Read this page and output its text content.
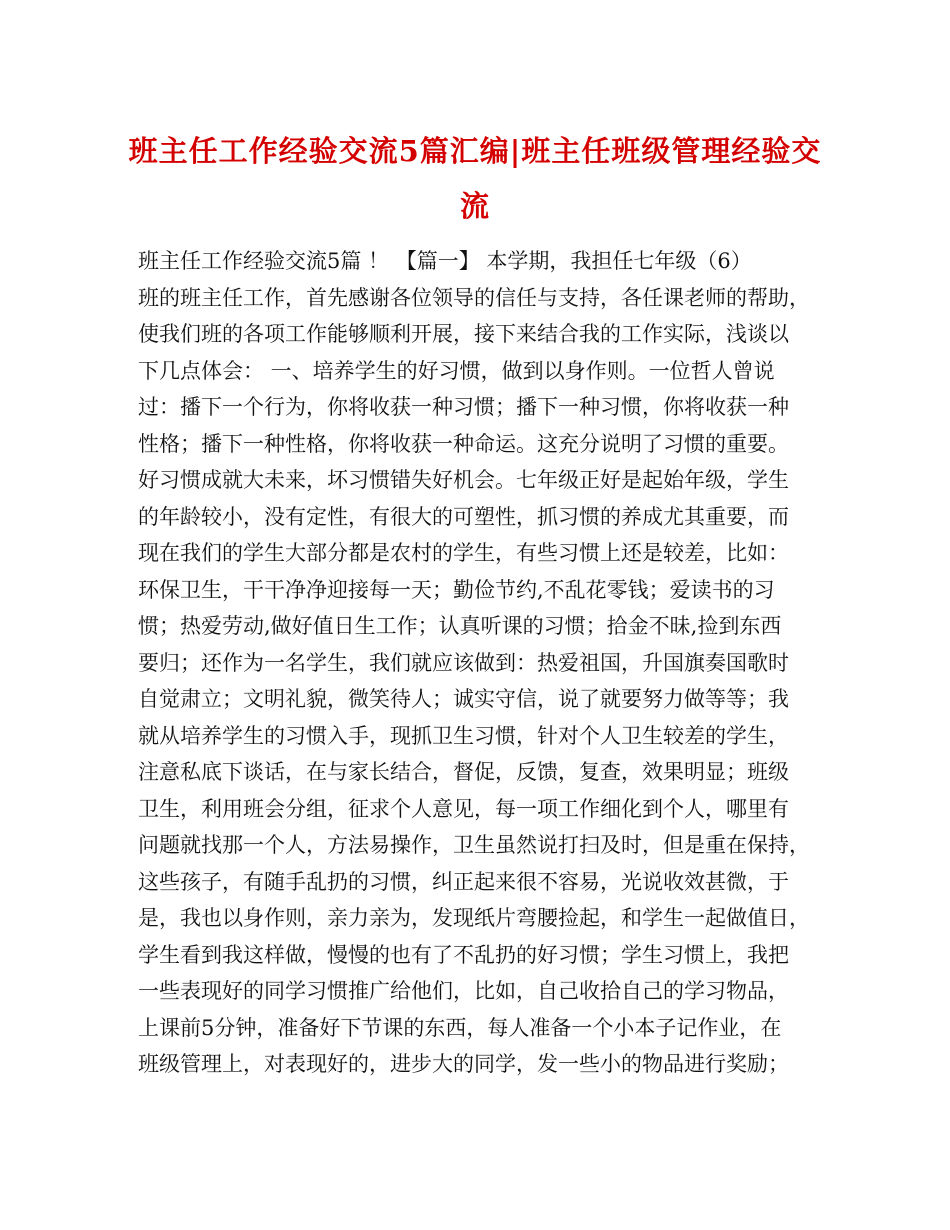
班主任工作经验交流5篇汇编|班主任班级管理经验交
流
班主任工作经验交流5篇 ！ 【篇一】 本学期，我担任七年级（6）
班的班主任工作，首先感谢各位领导的信任与支持，各任课老师的帮助，
使我们班的各项工作能够顺利开展，接下来结合我的工作实际，浅谈以
下几点体会： 一、培养学生的好习惯，做到以身作则。一位哲人曾说
过：播下一个行为，你将收获一种习惯；播下一种习惯，你将收获一种
性格；播下一种性格，你将收获一种命运。这充分说明了习惯的重要。
好习惯成就大未来，坏习惯错失好机会。七年级正好是起始年级，学生
的年龄较小，没有定性，有很大的可塑性，抓习惯的养成尤其重要，而
现在我们的学生大部分都是农村的学生，有些习惯上还是较差，比如：
环保卫生，干干净净迎接每一天；勤俭节约,不乱花零钱；爱读书的习
惯；热爱劳动,做好值日生工作；认真听课的习惯；拾金不昧,捡到东西
要归；还作为一名学生，我们就应该做到：热爱祖国，升国旗奏国歌时
自觉肃立；文明礼貌，微笑待人；诚实守信，说了就要努力做等等；我
就从培养学生的习惯入手，现抓卫生习惯，针对个人卫生较差的学生，
注意私底下谈话，在与家长结合，督促，反馈，复查，效果明显；班级
卫生，利用班会分组，征求个人意见，每一项工作细化到个人，哪里有
问题就找那一个人，方法易操作，卫生虽然说打扫及时，但是重在保持，
这些孩子，有随手乱扔的习惯，纠正起来很不容易，光说收效甚微，于
是，我也以身作则，亲力亲为，发现纸片弯腰捡起，和学生一起做值日，
学生看到我这样做，慢慢的也有了不乱扔的好习惯；学生习惯上，我把
一些表现好的同学习惯推广给他们，比如，自己收拾自己的学习物品，
上课前5分钟，准备好下节课的东西，每人准备一个小本子记作业，在
班级管理上，对表现好的，进步大的同学，发一些小的物品进行奖励；
